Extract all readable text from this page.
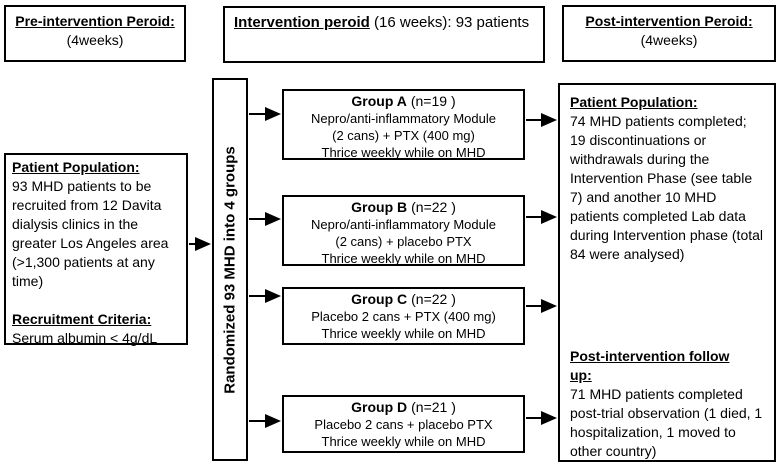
Pre-intervention Peroid:
(4weeks)
Intervention peroid (16 weeks): 93 patients	Post-intervention Peroid:
(4weeks)
Patient Population:
93 MHD patients to be recruited from 12 Davita dialysis clinics in the greater Los Angeles area (>1,300 patients at any time)
Recruitment Criteria:
Serum albumin < 4g/dL	Randomized 93 MHD into 4 groups
Group A (n=19 )
Nepro/anti-inflammatory Module
(2 cans) + PTX (400 mg)
Thrice weekly while on MHD
Group B (n=22 )
Nepro/anti-inflammatory Module
(2 cans) + placebo PTX
Thrice weekly while on MHD
Group C (n=22 )
Placebo 2 cans + PTX (400 mg)
Thrice weekly while on MHD
Group D (n=21 )
Placebo 2 cans + placebo PTX
Thrice weekly while on MHD
Patient Population:
74 MHD patients completed; 19 discontinuations or withdrawals during the Intervention Phase (see table 7) and another 10 MHD patients completed Lab data during Intervention phase (total 84 were analysed)
Post-intervention follow up:
71 MHD patients completed post-trial observation (1 died, 1 hospitalization, 1 moved to other country)
